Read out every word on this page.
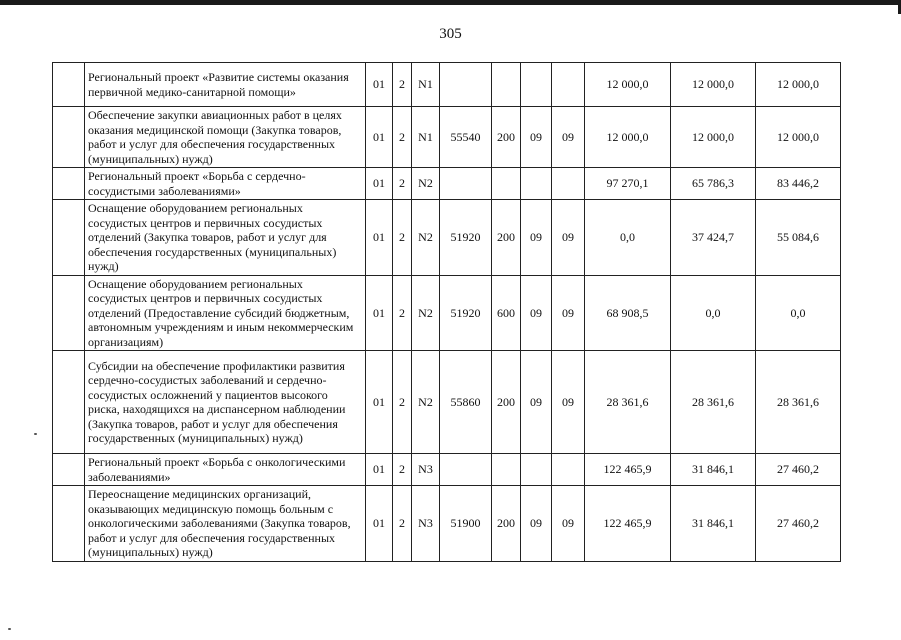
305
	Региональный проект «Развитие системы оказания первичной медико-санитарной помощи»	01	2	N1					12 000,0	12 000,0	12 000,0
	Обеспечение закупки авиационных работ в целях оказания медицинской помощи (Закупка товаров, работ и услуг для обеспечения государственных (муниципальных) нужд)	01	2	N1	55540	200	09	09	12 000,0	12 000,0	12 000,0
	Региональный проект «Борьба с сердечно-сосудистыми заболеваниями»	01	2	N2					97 270,1	65 786,3	83 446,2
	Оснащение оборудованием региональных сосудистых центров и первичных сосудистых отделений (Закупка товаров, работ и услуг для обеспечения государственных (муниципальных) нужд)	01	2	N2	51920	200	09	09	0,0	37 424,7	55 084,6
	Оснащение оборудованием региональных сосудистых центров и первичных сосудистых отделений (Предоставление субсидий бюджетным, автономным учреждениям и иным некоммерческим организациям)	01	2	N2	51920	600	09	09	68 908,5	0,0	0,0
	Субсидии на обеспечение профилактики развития сердечно-сосудистых заболеваний и сердечно-сосудистых осложнений у пациентов высокого риска, находящихся на диспансерном наблюдении (Закупка товаров, работ и услуг для обеспечения государственных (муниципальных) нужд)	01	2	N2	55860	200	09	09	28 361,6	28 361,6	28 361,6
	Региональный проект «Борьба с онкологическими заболеваниями»	01	2	N3					122 465,9	31 846,1	27 460,2
	Переоснащение медицинских организаций, оказывающих медицинскую помощь больным с онкологическими заболеваниями (Закупка товаров, работ и услуг для обеспечения государственных (муниципальных) нужд)	01	2	N3	51900	200	09	09	122 465,9	31 846,1	27 460,2
